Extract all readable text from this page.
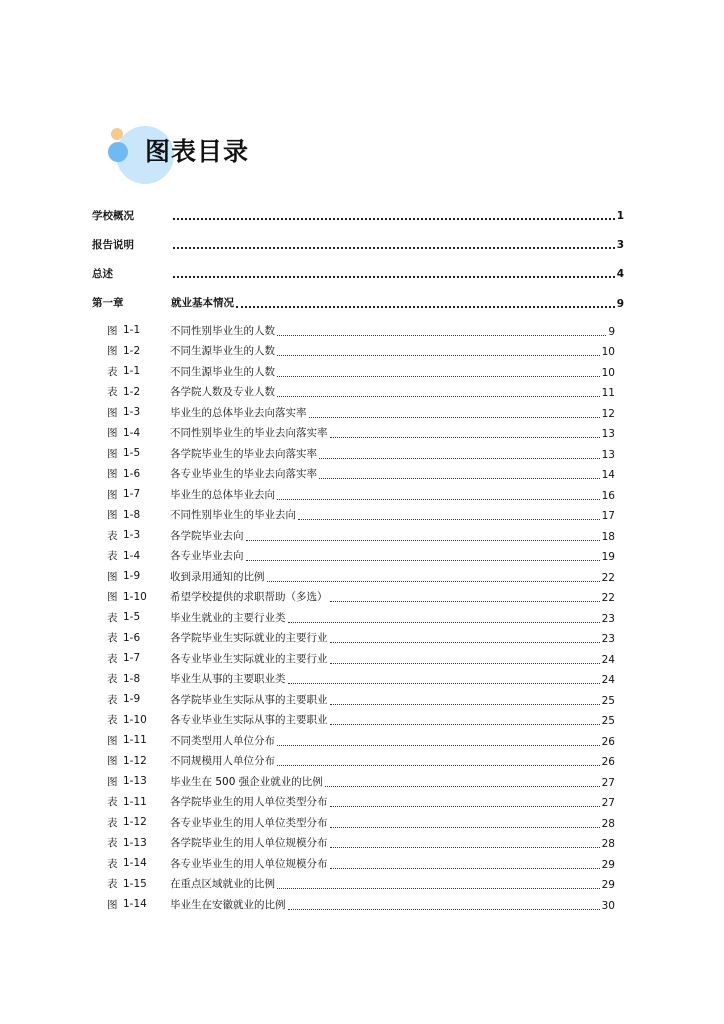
图表目录
学校概况	1
报告说明	3
总述	4
第一章	就业基本情况	9
图 1-1	不同性别毕业生的人数	9
图 1-2	不同生源毕业生的人数	10
表 1-1	不同生源毕业生的人数	10
表 1-2	各学院人数及专业人数	11
图 1-3	毕业生的总体毕业去向落实率	12
图 1-4	不同性别毕业生的毕业去向落实率	13
图 1-5	各学院毕业生的毕业去向落实率	13
图 1-6	各专业毕业生的毕业去向落实率	14
图 1-7	毕业生的总体毕业去向	16
图 1-8	不同性别毕业生的毕业去向	17
表 1-3	各学院毕业去向	18
表 1-4	各专业毕业去向	19
图 1-9	收到录用通知的比例	22
图 1-10	希望学校提供的求职帮助（多选）	22
表 1-5	毕业生就业的主要行业类	23
表 1-6	各学院毕业生实际就业的主要行业	23
表 1-7	各专业毕业生实际就业的主要行业	24
表 1-8	毕业生从事的主要职业类	24
表 1-9	各学院毕业生实际从事的主要职业	25
表 1-10	各专业毕业生实际从事的主要职业	25
图 1-11	不同类型用人单位分布	26
图 1-12	不同规模用人单位分布	26
图 1-13	毕业生在 500 强企业就业的比例	27
表 1-11	各学院毕业生的用人单位类型分布	27
表 1-12	各专业毕业生的用人单位类型分布	28
表 1-13	各学院毕业生的用人单位规模分布	28
表 1-14	各专业毕业生的用人单位规模分布	29
表 1-15	在重点区域就业的比例	29
图 1-14	毕业生在安徽就业的比例	30
